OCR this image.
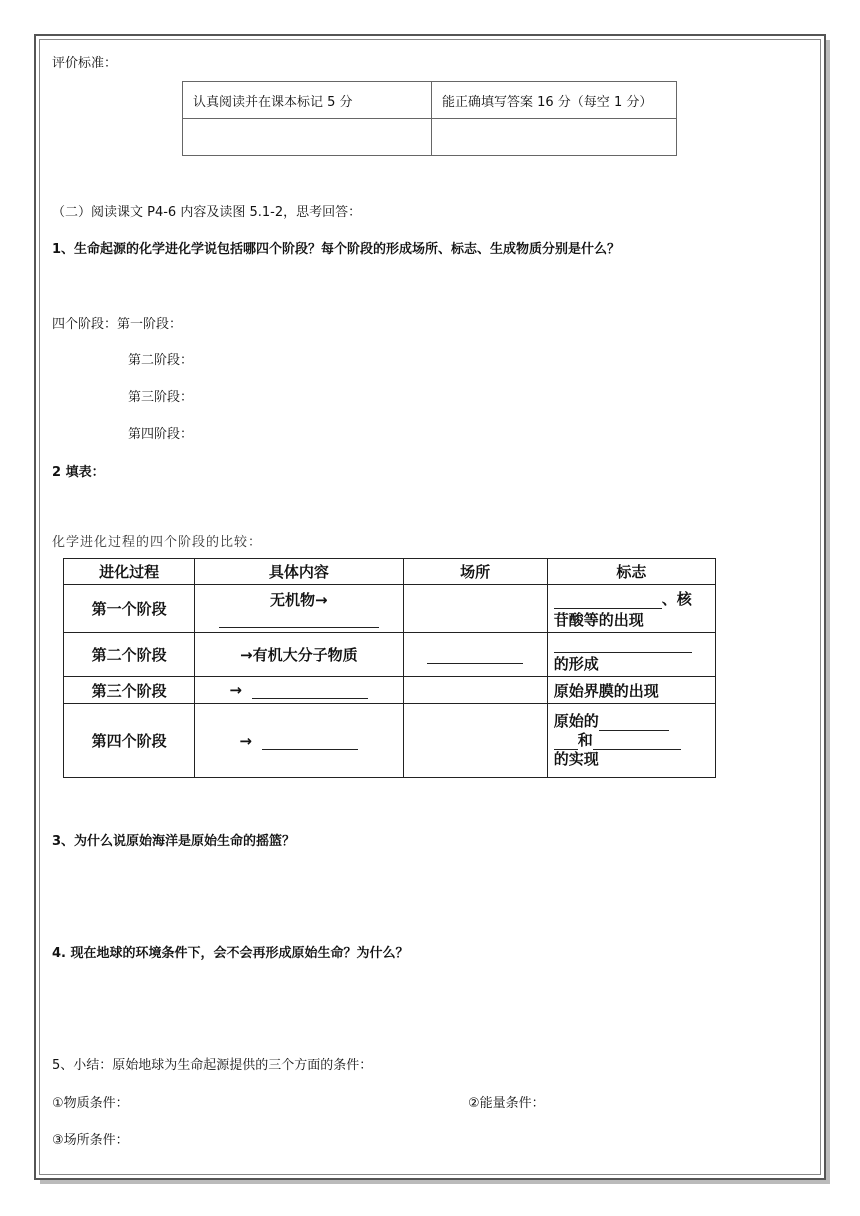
评价标准：
认真阅读并在课本标记 5 分	能正确填写答案 16 分（每空 1 分）

（二）阅读课文 P4-6 内容及读图 5.1-2，思考回答：
1、生命起源的化学进化学说包括哪四个阶段？每个阶段的形成场所、标志、生成物质分别是什么？
四个阶段：第一阶段：
第二阶段：
第三阶段：
第四阶段：
2 填表：
化学进化过程的四个阶段的比较：
进化过程	具体内容	场所	标志
第一个阶段	无机物→		、核
苷酸等的出现

第二个阶段	→有机大分子物质		的形成

第三个阶段	→		原始界膜的出现
第四个阶段	→		原始的
和
的实现
3、为什么说原始海洋是原始生命的摇篮？
4. 现在地球的环境条件下，会不会再形成原始生命？为什么？
5、小结：原始地球为生命起源提供的三个方面的条件：
①物质条件：	②能量条件：
③场所条件：
